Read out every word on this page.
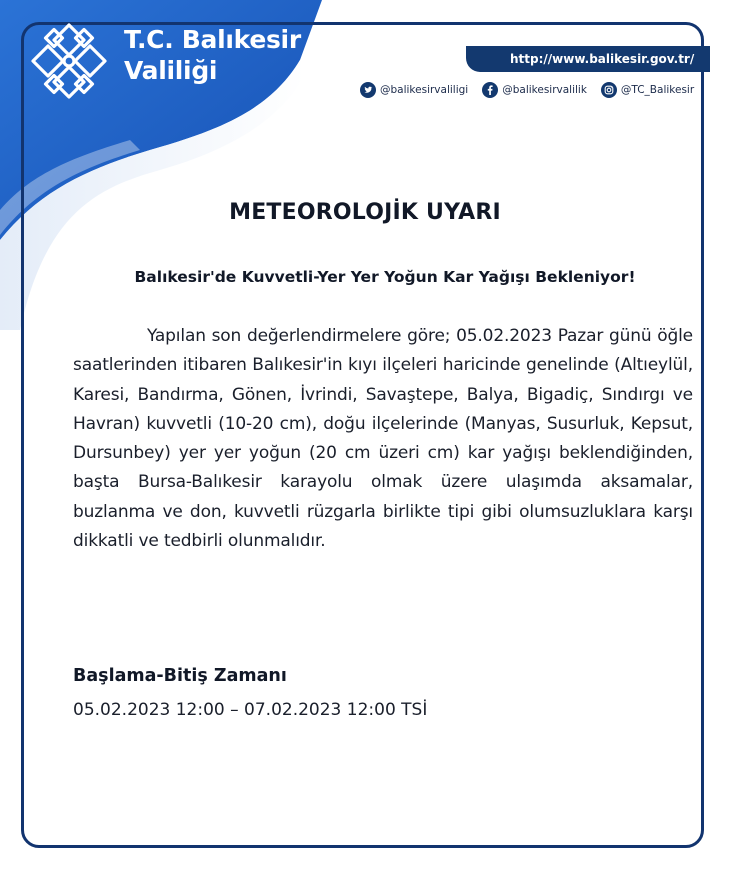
T.C. Balıkesir
Valiliği	http://www.balikesir.gov.tr/
@balikesirvaliligi	@balikesirvalilik	@TC_Balikesir
METEOROLOJİK UYARI
Balıkesir'de Kuvvetli-Yer Yer Yoğun Kar Yağışı Bekleniyor!
Yapılan son değerlendirmelere göre; 05.02.2023 Pazar günü öğle saatlerinden itibaren Balıkesir'in kıyı ilçeleri haricinde genelinde (Altıeylül, Karesi, Bandırma, Gönen, İvrindi, Savaştepe, Balya, Bigadiç, Sındırgı ve Havran) kuvvetli (10-20 cm), doğu ilçelerinde (Manyas, Susurluk, Kepsut, Dursunbey) yer yer yoğun (20 cm üzeri cm) kar yağışı beklendiğinden, başta Bursa-Balıkesir karayolu olmak üzere ulaşımda aksamalar, buzlanma ve don, kuvvetli rüzgarla birlikte tipi gibi olumsuzluklara karşı dikkatli ve tedbirli olunmalıdır.
Başlama-Bitiş Zamanı
05.02.2023 12:00 – 07.02.2023 12:00 TSİ
